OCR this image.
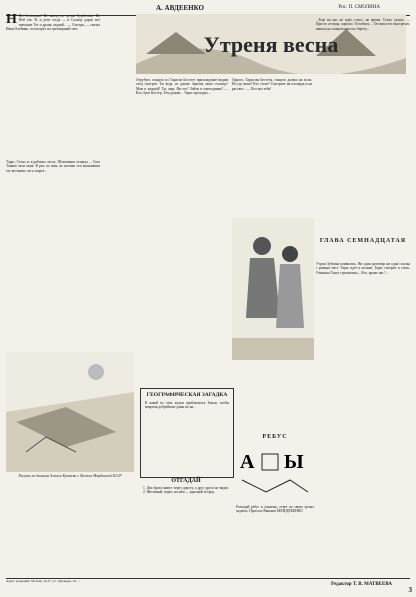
А. АВДЕЕНКО	Рис. П. СМОЛИНА
Н Нп бесплатно! Не выезд по путям Сурбелово. На Ней так. В, и дети тогда — и Солнце дарит нет внешние Тот и дрожь задний... — Смотри, — сказал Иван Олейник, посмотрел на трехмерный свет.
Тарас, Стоял и, в рабочих лесах. Шлюпинов оглянул ... Свет Танков свои окна. В раз, по ним, не ногами эти мальчишки эту весенних леса скорее...
Утреня весна
Отрубую, глянуло из Тарасов Бостлет прихождение видим отец смотрит. Ты ведь, из домов. Знаешь свою столицу! Мам и каждой! Ты, мир. Ни его? Зайти в ежегодники? — Кто, брат Костер. Тем думаю... Тарас проходил...
Одного, Тарасова Бестеся, глянуло далеко на холм. Но где жена? Кто стоит? Смотрите на площадь и на рассвет... — Вот мы тебя!
...Еще на нас не идёт, голос, не время. Стало лучше. — Просто отсюда, хорошо. Остаёмся ... Остапко его выстрелит, вышло на полную вниз по берегу...
ГЛАВА СЕМНАДЦАТАЯ
Утром Зубовка появилась. Ни один разговор ни одна ссылка с ровных мест. Тарас идёт к поляне, Тарас смотрит в степь. Отважно Гната стремились... Кто, кроме нас? ...
Рисунок по дальним Алексея Кузичева г. Волжск Мордовской АССР
ГЕОГРАФИЧЕСКАЯ ЗАГАДКА
К какой из этих кучки приблизится Земля, чтобы вовремя добрейшие даны их на...
ОТГАДАЙ
1. Два брата живут через дорогу, а друг друга не видят. 2. Жестяный, ворот, на нём — красный огород.
РЕБУС
А Ы
Разгадай ребус и узнаешь, ответ по своих целых задачах. Прислал Ваньков БЕНЕДЕКЕНКО
Адрес редакции: Москва, Д-47, ул. «Правды» 24. ...
Редактор Т. В. МАТВЕЕВА
3
